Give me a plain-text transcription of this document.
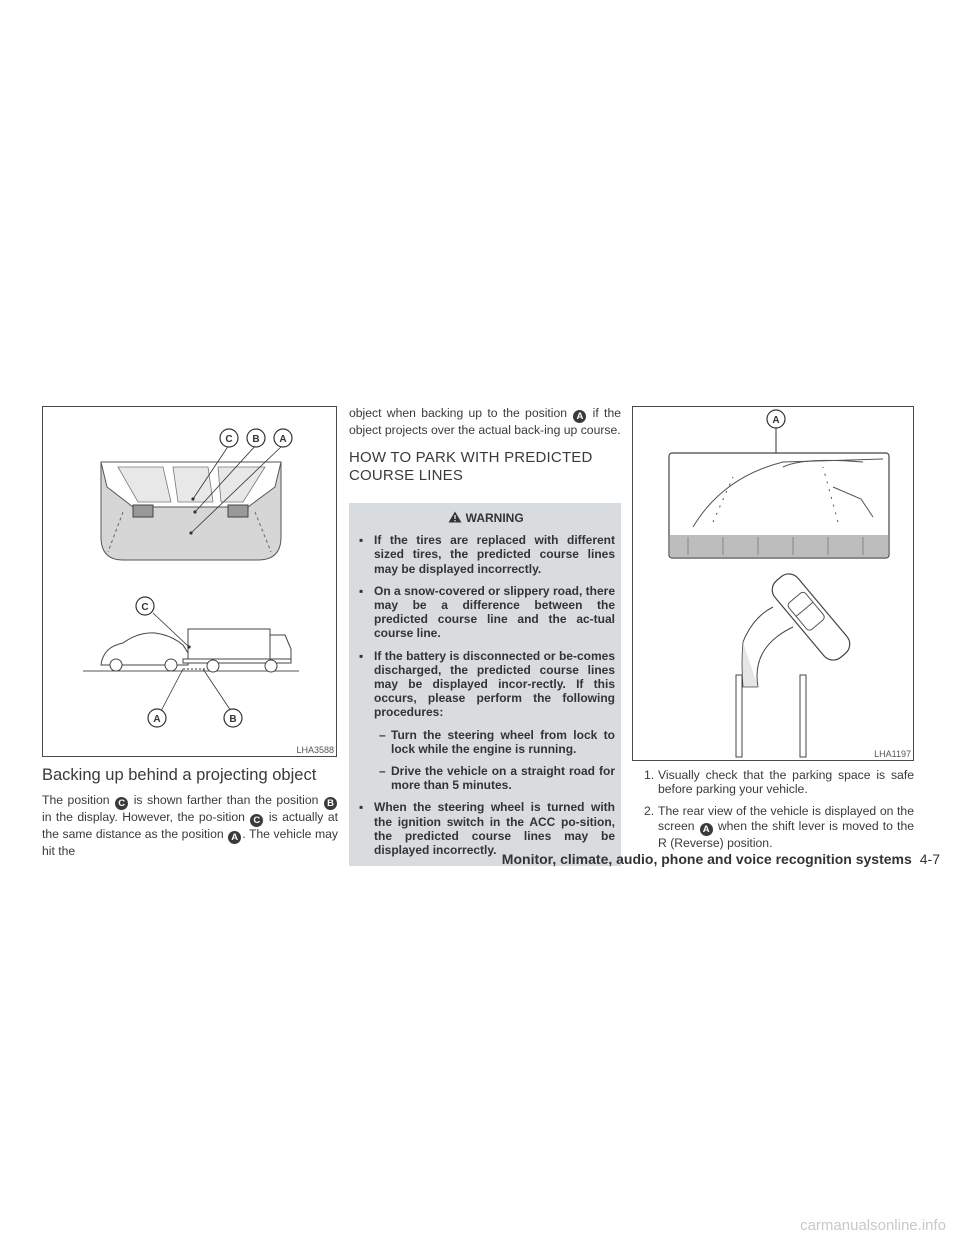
C B A
C
A	B
LHA3588
Backing up behind a projecting object
The position C is shown farther than the position B in the display. However, the po-sition C is actually at the same distance as the position A . The vehicle may hit the
object when backing up to the position A if the object projects over the actual back-ing up course.
HOW TO PARK WITH PREDICTED COURSE LINES
WARNING
▪ If the tires are replaced with different sized tires, the predicted course lines may be displayed incorrectly.
▪ On a snow-covered or slippery road, there may be a difference between the predicted course line and the ac-tual course line.
▪ If the battery is disconnected or be-comes discharged, the predicted course lines may be displayed incor-rectly. If this occurs, please perform the following procedures:
– Turn the steering wheel from lock to lock while the engine is running.
– Drive the vehicle on a straight road for more than 5 minutes.
▪ When the steering wheel is turned with the ignition switch in the ACC po-sition, the predicted course lines may be displayed incorrectly.
A
LHA1197
1. Visually check that the parking space is safe before parking your vehicle.
2. The rear view of the vehicle is displayed on the screen A when the shift lever is moved to the R (Reverse) position.
Monitor, climate, audio, phone and voice recognition systems 4-7
carmanualsonline.info
